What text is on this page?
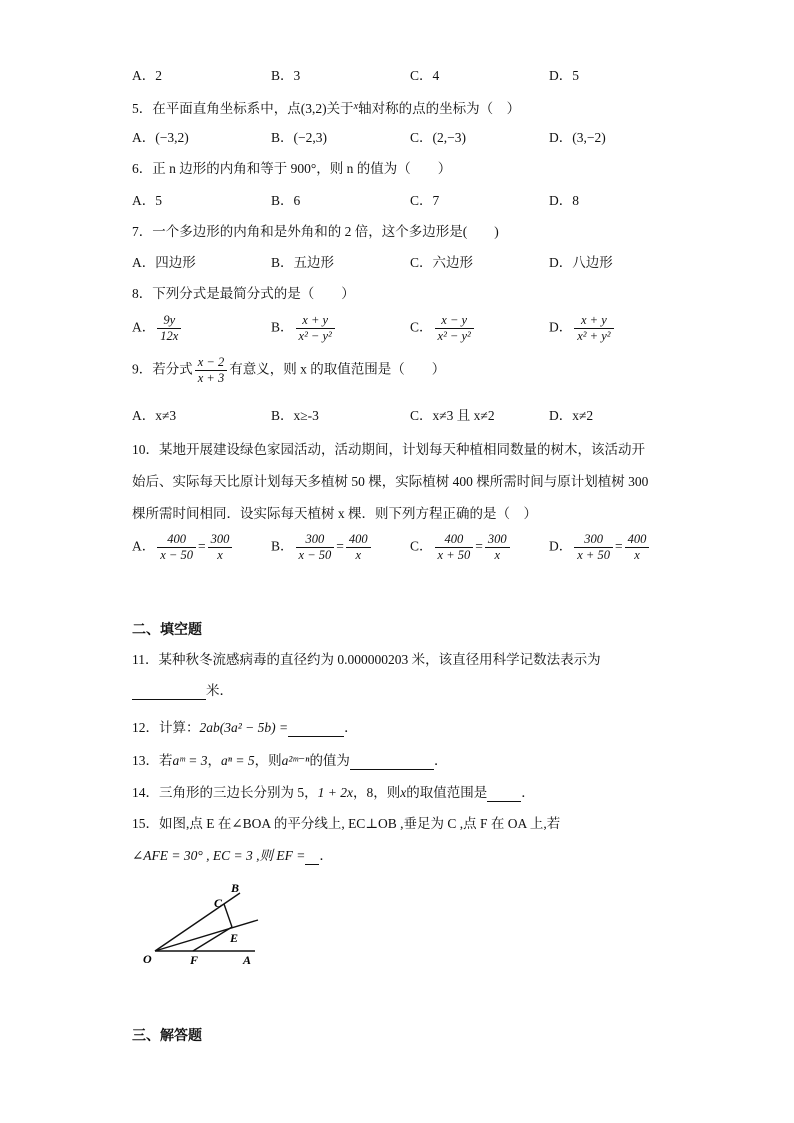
A．2	B．3	C．4	D．5
5．在平面直角坐标系中，点(3,2)关于$^x$轴对称的点的坐标为（　）
A．(−3,2)	B．(−2,3)	C．(2,−3)	D．(3,−2)
6．正 n 边形的内角和等于 900°，则 n 的值为（　　）
A．5	B．6	C．7	D．8
7．一个多边形的内角和是外角和的 2 倍，这个多边形是(　　)
A．四边形	B．五边形	C．六边形	D．八边形
8．下列分式是最简分式的是（　　）
A． $\frac{9y}{12x}$	B． $\frac{x + y}{\text{x² − y²}}$	C． $\frac{x - y}{\text{x² − y²}}$	D． $\frac{x + y}{\text{x² + y²}}$
9．若分式 $\frac{x - 2}{x + 3}$ 有意义，则 x 的取值范围是（　　）
A．x≠3	B．x≥-3	C．x≠3 且 x≠2	D．x≠2
10．某地开展建设绿色家园活动，活动期间，计划每天种植相同数量的树木，该活动开
始后、实际每天比原计划每天多植树 50 棵，实际植树 400 棵所需时间与原计划植树 300
棵所需时间相同．设实际每天植树 x 棵．则下列方程正确的是（　）
A． $\frac{400}{x - 50} = \frac{300}{x}$	B． $\frac{300}{x - 50} = \frac{400}{x}$	C． $\frac{400}{x + 50} = \frac{300}{x}$	D． $\frac{300}{x + 50} = \frac{400}{x}$
二、填空题
11．某种秋冬流感病毒的直径约为 0.000000203 米，该直径用科学记数法表示为
米．
12．计算：2ab(3a² − 5b) =	．
13．若aᵐ = 3，aⁿ = 5，则a²ᵐ⁻ⁿ的值为	．
14．三角形的三边长分别为 5，1 + 2x，8，则x的取值范围是	．
15．如图,点 E 在∠BOA 的平分线上, EC⊥OB ,垂足为 C ,点 F 在 OA 上,若
∠AFE = 30° , EC = 3 ,则 EF = ．
B
C
E
O	F	A
三、解答题
